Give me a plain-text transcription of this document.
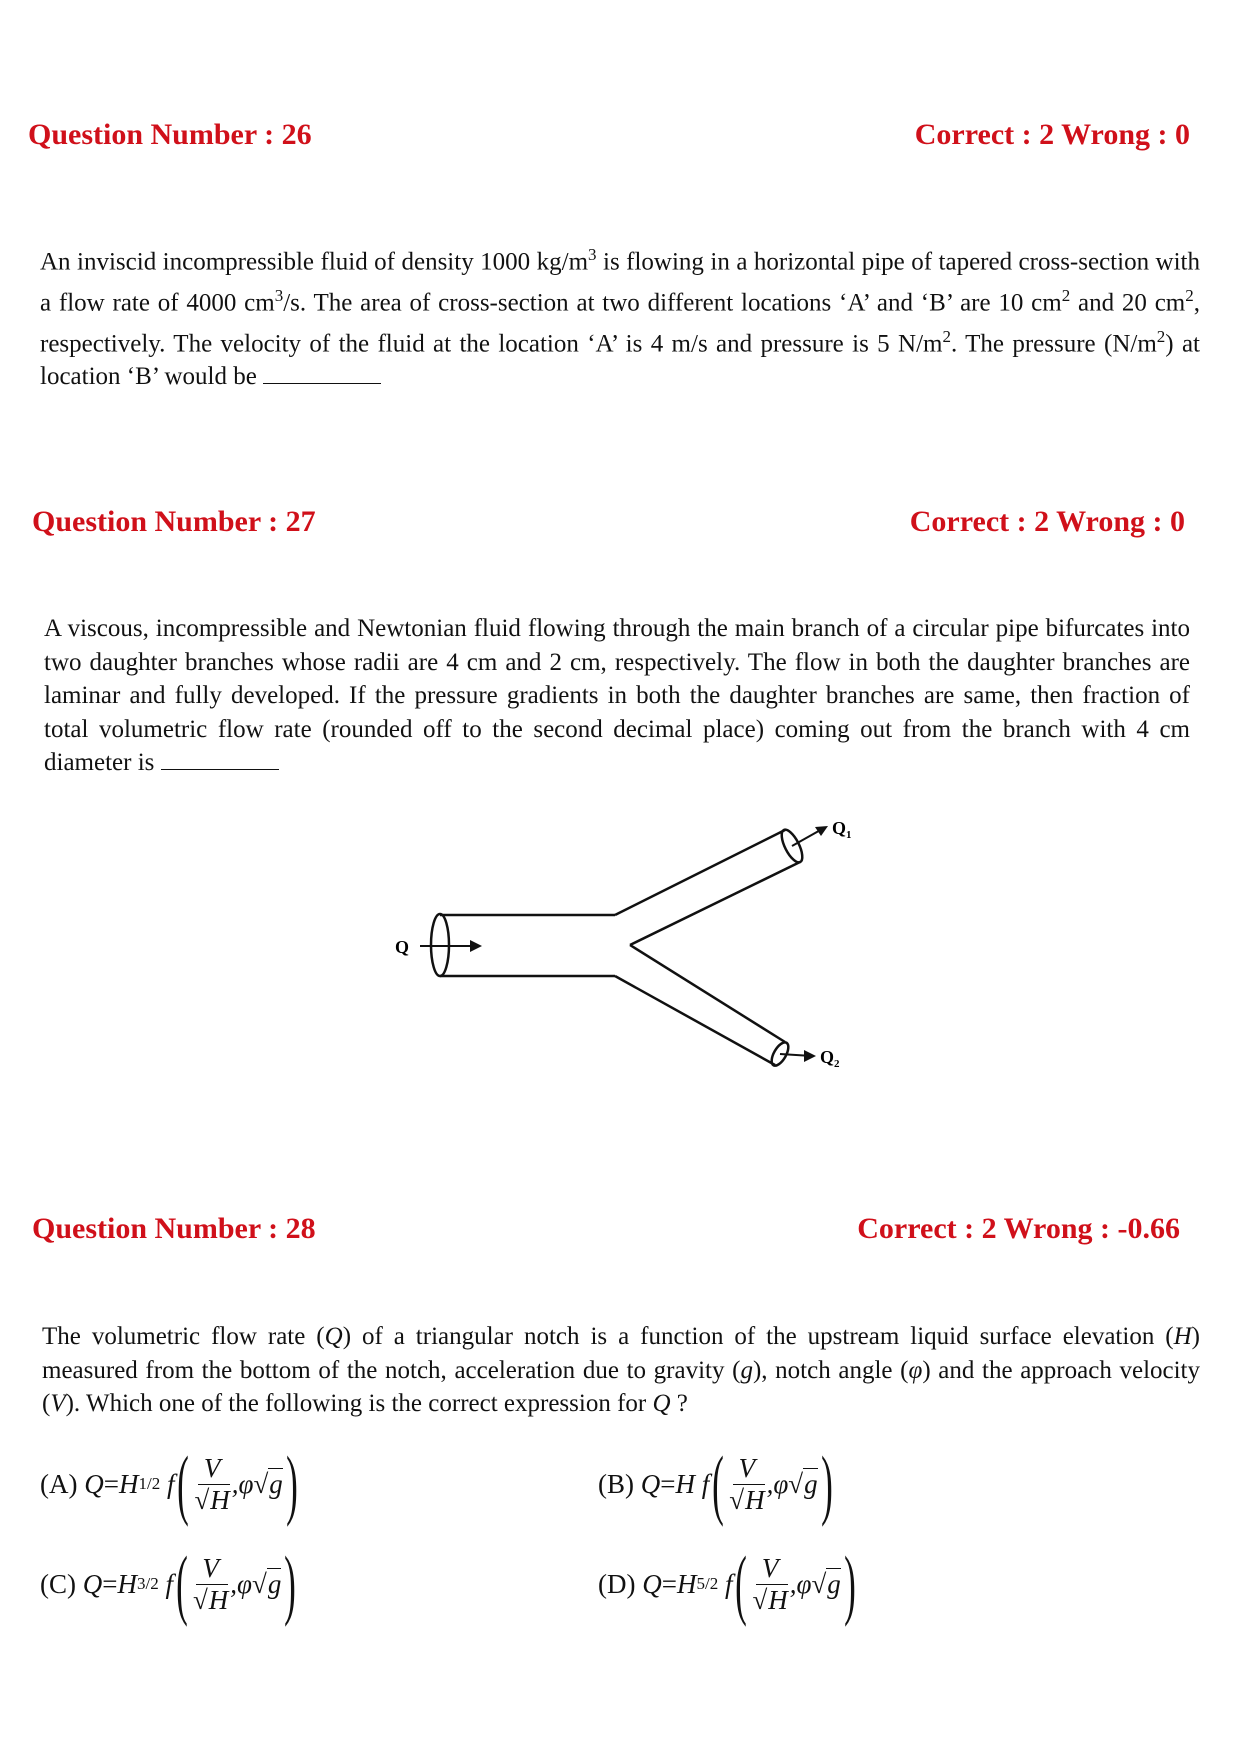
Question Number : 26	Correct : 2 Wrong : 0
An inviscid incompressible fluid of density 1000 $kg/m^3$ is flowing in a horizontal pipe of tapered cross-section with a flow rate of 4000 $cm^3/s$. The area of cross-section at two different locations ‘A’ and ‘B’ are 10 $cm^2$ and 20 $cm^2$, respectively. The velocity of the fluid at the location ‘A’ is 4 m/s and pressure is 5 $N/m^2$. The pressure $(N/m^2)$ at location ‘B’ would be
Question Number : 27	Correct : 2 Wrong : 0
A viscous, incompressible and Newtonian fluid flowing through the main branch of a circular pipe bifurcates into two daughter branches whose radii are 4 cm and 2 cm, respectively. The flow in both the daughter branches are laminar and fully developed. If the pressure gradients in both the daughter branches are same, then fraction of total volumetric flow rate (rounded off to the second decimal place) coming out from the branch with 4 cm diameter is
Q
$Q_1$
$Q_2$
Question Number : 28	Correct : 2 Wrong : -0.66
The volumetric flow rate (Q) of a triangular notch is a function of the upstream liquid surface elevation (H) measured from the bottom of the notch, acceleration due to gravity (g), notch angle (φ) and the approach velocity (V). Which one of the following is the correct expression for Q ?
(A)
Q = H 1/2
f ( $\frac{V}{√H} ,\varphi$ √g )	(B)
Q = H
f ( $\frac{V}{√H} ,\varphi$ √g )
(C)
Q = H 3/2
f ( $\frac{V}{√H} ,\varphi$ √g )	(D)
Q = H 5/2
f ( $\frac{V}{√H} ,\varphi$ √g )
